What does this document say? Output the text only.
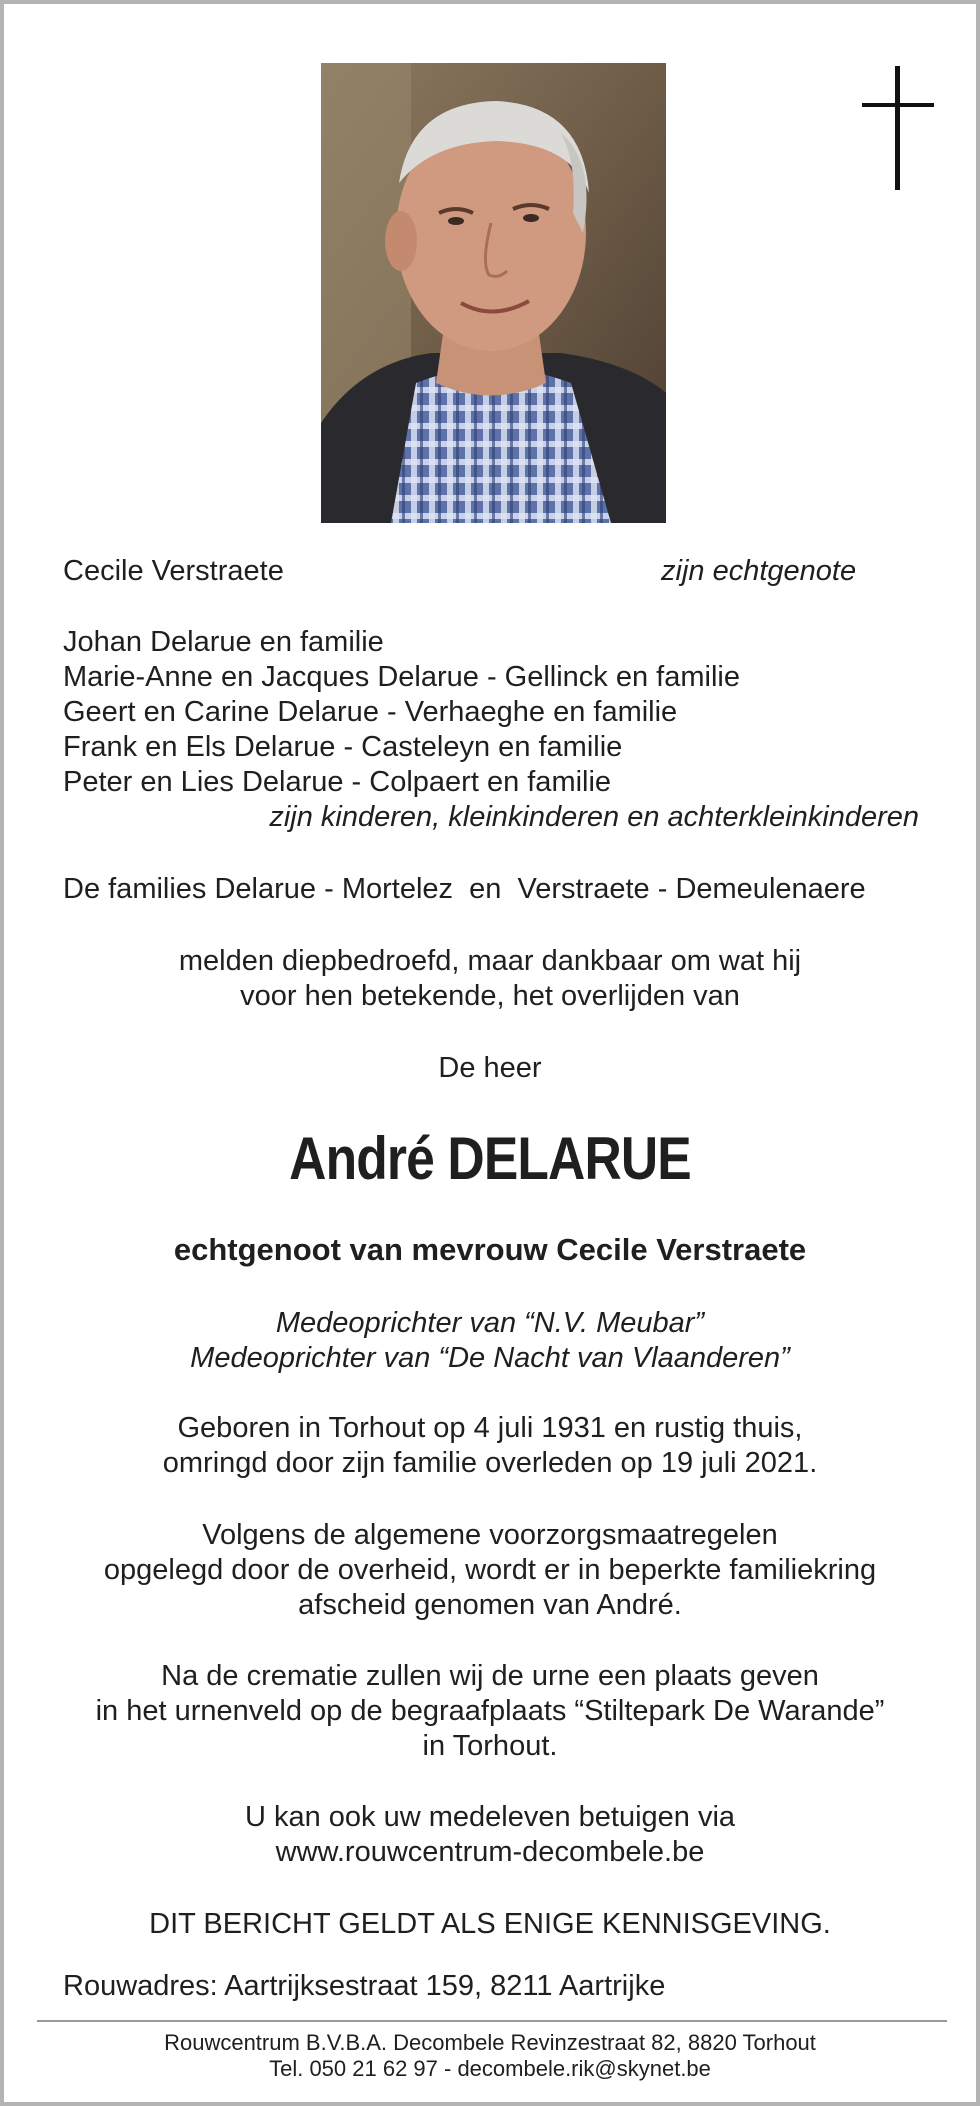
Cecile Verstraete	zijn echtgenote
Johan Delarue en familie
Marie-Anne en Jacques Delarue - Gellinck en familie
Geert en Carine Delarue - Verhaeghe en familie
Frank en Els Delarue - Casteleyn en familie
Peter en Lies Delarue - Colpaert en familie
zijn kinderen, kleinkinderen en achterkleinkinderen
De families Delarue - Mortelez  en  Verstraete - Demeulenaere
melden diepbedroefd, maar dankbaar om wat hij
voor hen betekende, het overlijden van
De heer
André DELARUE
echtgenoot van mevrouw Cecile Verstraete
Medeoprichter van “N.V. Meubar”
Medeoprichter van “De Nacht van Vlaanderen”
Geboren in Torhout op 4 juli 1931 en rustig thuis,
omringd door zijn familie overleden op 19 juli 2021.
Volgens de algemene voorzorgsmaatregelen
opgelegd door de overheid, wordt er in beperkte familiekring
afscheid genomen van André.
Na de crematie zullen wij de urne een plaats geven
in het urnenveld op de begraafplaats “Stiltepark De Warande”
in Torhout.
U kan ook uw medeleven betuigen via
www.rouwcentrum-decombele.be
DIT BERICHT GELDT ALS ENIGE KENNISGEVING.
Rouwadres: Aartrijksestraat 159, 8211 Aartrijke
Rouwcentrum B.V.B.A. Decombele Revinzestraat 82, 8820 Torhout
Tel. 050 21 62 97 - decombele.rik@skynet.be
